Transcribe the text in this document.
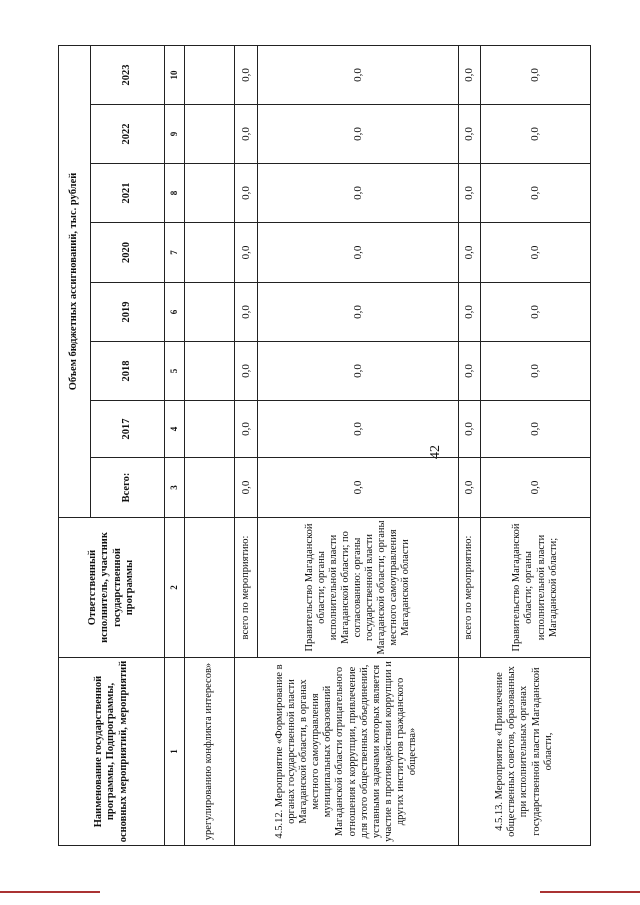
42
Наименование государственной программы, Подпрограммы, основных мероприятий, мероприятий	Ответственный исполнитель, участник государственной программы	Объем бюджетных ассигнований, тыс. рублей							
		Всего:	2017	2018	2019	2020	2021	2022	2023
1	2	3	4	5	6	7	8	9	10
урегулированию конфликта интересов»									
4.5.12. Мероприятие «Формирование в органах государственной власти Магаданской области, в органах местного самоуправления муниципальных образований Магаданской области отрицательного отношения к коррупции, привлечение для этого общественных объединений, уставными задачами которых является участие в противодействии коррупции и других институтов гражданского общества»	всего по мероприятию:	0,0	0,0	0,0	0,0	0,0	0,0	0,0	0,0
	Правительство Магаданской области; органы исполнительной власти Магаданской области; по согласованию: органы государственной власти Магаданской области; органы местного самоуправления Магаданской области	0,0	0,0	0,0	0,0	0,0	0,0	0,0	0,0
4.5.13. Мероприятие «Привлечение общественных советов, образованных при исполнительных органах государственной власти Магаданской области,	всего по мероприятию:	0,0	0,0	0,0	0,0	0,0	0,0	0,0	0,0
	Правительство Магаданской области; органы исполнительной власти Магаданской области;	0,0	0,0	0,0	0,0	0,0	0,0	0,0	0,0
